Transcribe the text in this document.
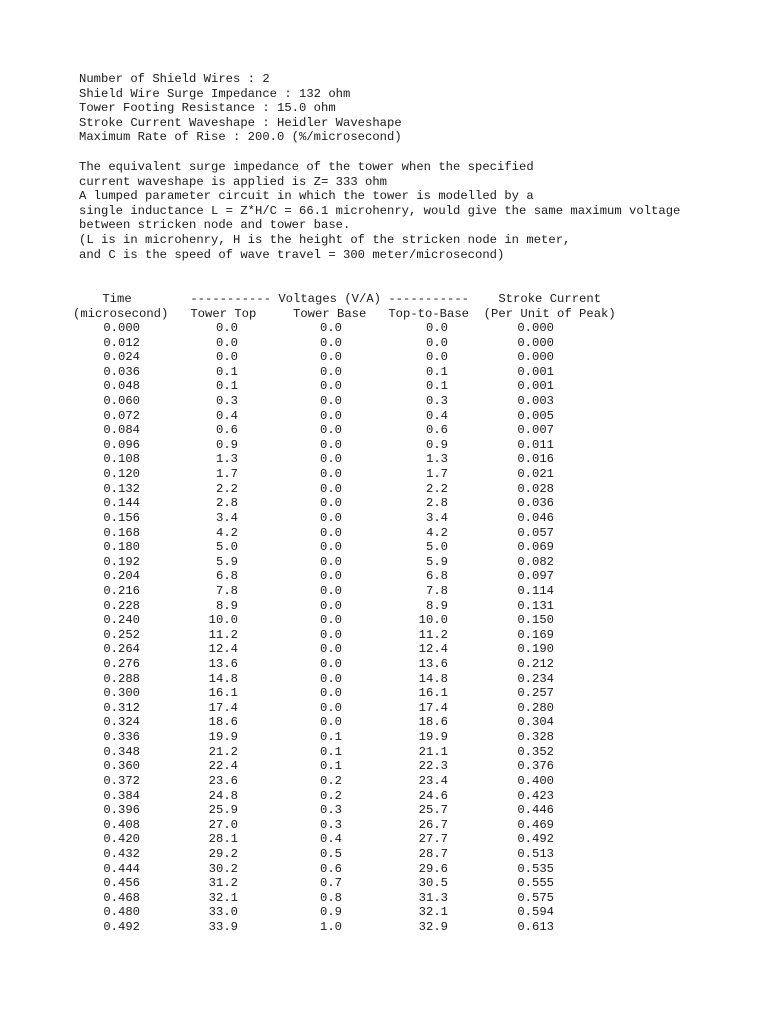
Number of Shield Wires : 2
Shield Wire Surge Impedance : 132 ohm
Tower Footing Resistance : 15.0 ohm
Stroke Current Waveshape : Heidler Waveshape
Maximum Rate of Rise : 200.0 (%/microsecond)
The equivalent surge impedance of the tower when the specified
current waveshape is applied is Z= 333 ohm
A lumped parameter circuit in which the tower is modelled by a
single inductance L = Z*H/C = 66.1 microhenry, would give the same maximum voltage
between stricken node and tower base.
(L is in microhenry, H is the height of the stricken node in meter,
and C is the speed of wave travel = 300 meter/microsecond)
Time        ----------- Voltages (V/A) -----------    Stroke Current
(microsecond)   Tower Top     Tower Base   Top-to-Base  (Per Unit of Peak)
0.000	0.0	0.0	0.0	0.000
0.012	0.0	0.0	0.0	0.000
0.024	0.0	0.0	0.0	0.000
0.036	0.1	0.0	0.1	0.001
0.048	0.1	0.0	0.1	0.001
0.060	0.3	0.0	0.3	0.003
0.072	0.4	0.0	0.4	0.005
0.084	0.6	0.0	0.6	0.007
0.096	0.9	0.0	0.9	0.011
0.108	1.3	0.0	1.3	0.016
0.120	1.7	0.0	1.7	0.021
0.132	2.2	0.0	2.2	0.028
0.144	2.8	0.0	2.8	0.036
0.156	3.4	0.0	3.4	0.046
0.168	4.2	0.0	4.2	0.057
0.180	5.0	0.0	5.0	0.069
0.192	5.9	0.0	5.9	0.082
0.204	6.8	0.0	6.8	0.097
0.216	7.8	0.0	7.8	0.114
0.228	8.9	0.0	8.9	0.131
0.240	10.0	0.0	10.0	0.150
0.252	11.2	0.0	11.2	0.169
0.264	12.4	0.0	12.4	0.190
0.276	13.6	0.0	13.6	0.212
0.288	14.8	0.0	14.8	0.234
0.300	16.1	0.0	16.1	0.257
0.312	17.4	0.0	17.4	0.280
0.324	18.6	0.0	18.6	0.304
0.336	19.9	0.1	19.9	0.328
0.348	21.2	0.1	21.1	0.352
0.360	22.4	0.1	22.3	0.376
0.372	23.6	0.2	23.4	0.400
0.384	24.8	0.2	24.6	0.423
0.396	25.9	0.3	25.7	0.446
0.408	27.0	0.3	26.7	0.469
0.420	28.1	0.4	27.7	0.492
0.432	29.2	0.5	28.7	0.513
0.444	30.2	0.6	29.6	0.535
0.456	31.2	0.7	30.5	0.555
0.468	32.1	0.8	31.3	0.575
0.480	33.0	0.9	32.1	0.594
0.492	33.9	1.0	32.9	0.613
